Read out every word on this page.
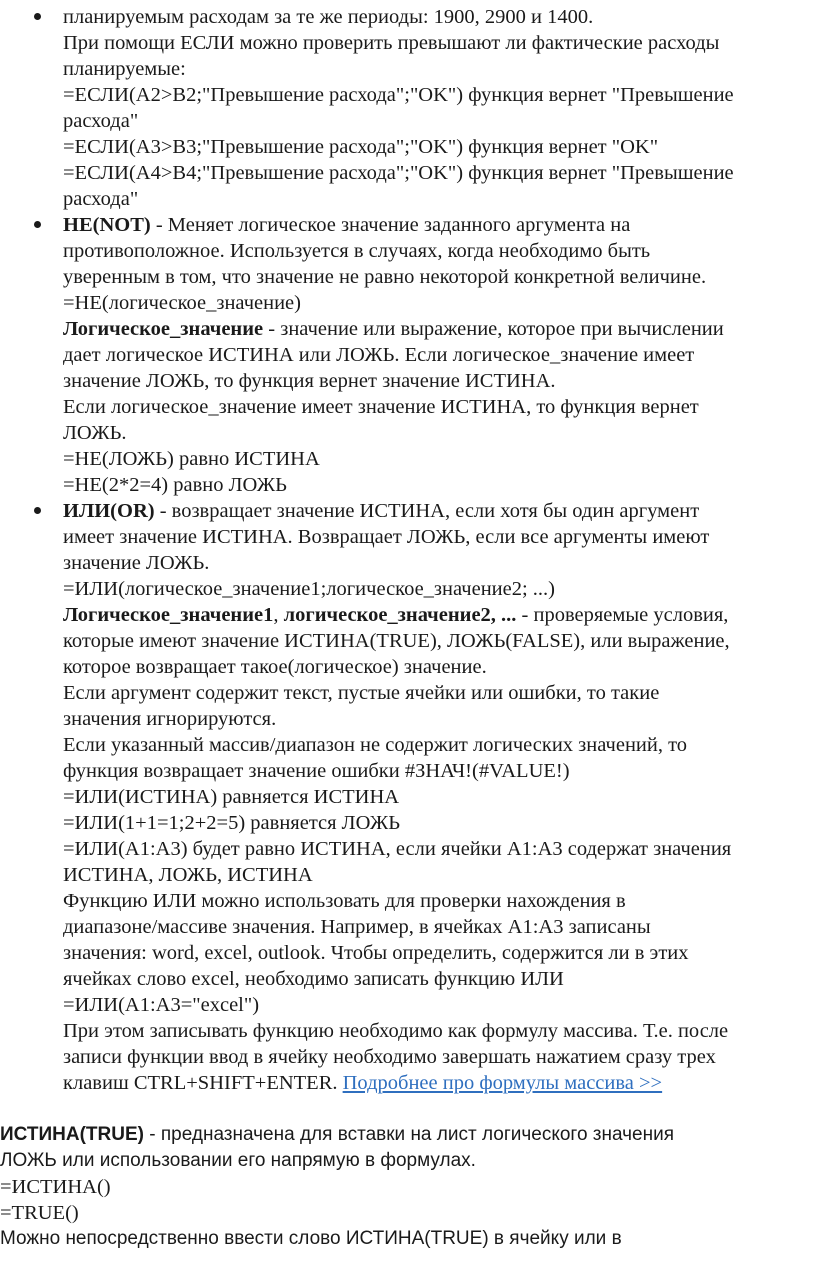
планируемым расходам за те же периоды: 1900, 2900 и 1400.
При помощи ЕСЛИ можно проверить превышают ли фактические расходы
планируемые:
=ЕСЛИ(A2>B2;"Превышение расхода";"OK") функция вернет "Превышение
расхода"
=ЕСЛИ(A3>B3;"Превышение расхода";"OK") функция вернет "OK"
=ЕСЛИ(A4>B4;"Превышение расхода";"OK") функция вернет "Превышение
расхода"
НЕ(NOT) - Меняет логическое значение заданного аргумента на
противоположное. Используется в случаях, когда необходимо быть
уверенным в том, что значение не равно некоторой конкретной величине.
=НЕ(логическое_значение)
Логическое_значение - значение или выражение, которое при вычислении
дает логическое ИСТИНА или ЛОЖЬ. Если логическое_значение имеет
значение ЛОЖЬ, то функция вернет значение ИСТИНА.
Если логическое_значение имеет значение ИСТИНА, то функция вернет
ЛОЖЬ.
=НЕ(ЛОЖЬ) равно ИСТИНА
=НЕ(2*2=4) равно ЛОЖЬ
ИЛИ(OR) - возвращает значение ИСТИНА, если хотя бы один аргумент
имеет значение ИСТИНА. Возвращает ЛОЖЬ, если все аргументы имеют
значение ЛОЖЬ.
=ИЛИ(логическое_значение1;логическое_значение2; ...)
Логическое_значение1, логическое_значение2, ... - проверяемые условия,
которые имеют значение ИСТИНА(TRUE), ЛОЖЬ(FALSE), или выражение,
которое возвращает такое(логическое) значение.
Если аргумент содержит текст, пустые ячейки или ошибки, то такие
значения игнорируются.
Если указанный массив/диапазон не содержит логических значений, то
функция возвращает значение ошибки #ЗНАЧ!(#VALUE!)
=ИЛИ(ИСТИНА) равняется ИСТИНА
=ИЛИ(1+1=1;2+2=5) равняется ЛОЖЬ
=ИЛИ(A1:A3) будет равно ИСТИНА, если ячейки A1:A3 содержат значения
ИСТИНА, ЛОЖЬ, ИСТИНА
Функцию ИЛИ можно использовать для проверки нахождения в
диапазоне/массиве значения. Например, в ячейках A1:A3 записаны
значения: word, excel, outlook. Чтобы определить, содержится ли в этих
ячейках слово excel, необходимо записать функцию ИЛИ
=ИЛИ(A1:A3="excel")
При этом записывать функцию необходимо как формулу массива. Т.е. после
записи функции ввод в ячейку необходимо завершать нажатием сразу трех
клавиш CTRL+SHIFT+ENTER. Подробнее про формулы массива >>
ИСТИНА(TRUE) - предназначена для вставки на лист логического значения
ЛОЖЬ или использовании его напрямую в формулах.
=ИСТИНА()
=TRUE()
Можно непосредственно ввести слово ИСТИНА(TRUE) в ячейку или в
